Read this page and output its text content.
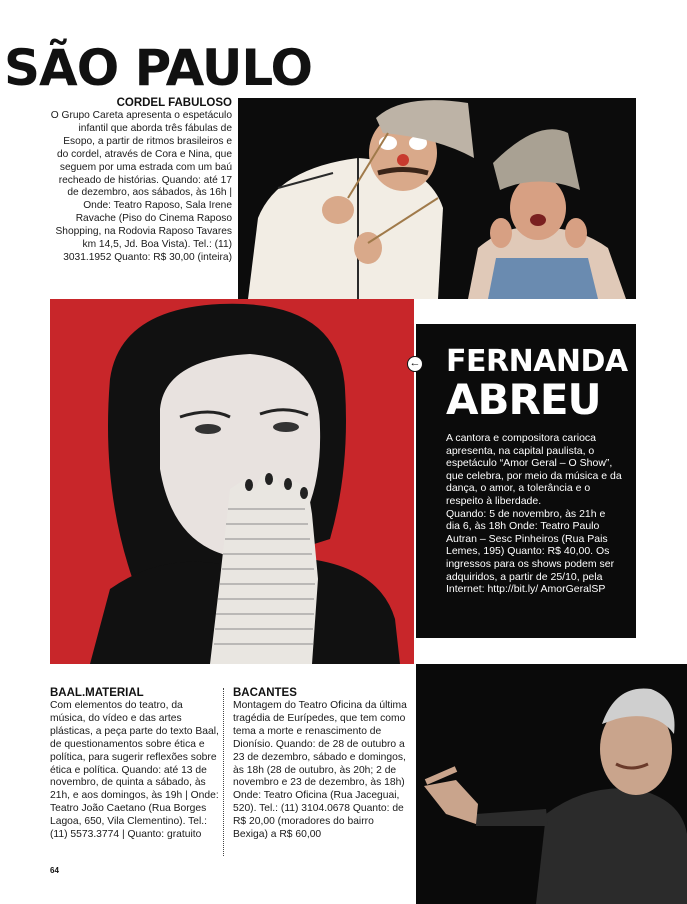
SÃO PAULO
CORDEL FABULOSO
O Grupo Careta apresenta o espetáculo infantil que aborda três fábulas de Esopo, a partir de ritmos brasileiros e do cordel, através de Cora e Nina, que seguem por uma estrada com um baú recheado de histórias. Quando: até 17 de dezembro, aos sábados, às 16h | Onde: Teatro Raposo, Sala Irene Ravache (Piso do Cinema Raposo Shopping, na Rodovia Raposo Tavares km 14,5, Jd. Boa Vista). Tel.: (11) 3031.1952 Quanto: R$ 30,00 (inteira)
FERNANDA
ABREU
A cantora e compositora carioca apresenta, na capital paulista, o espetáculo “Amor Geral – O Show”, que celebra, por meio da música e da dança, o amor, a tolerância e o respeito à liberdade.
Quando: 5 de novembro, às 21h e dia 6, às 18h Onde: Teatro Paulo Autran – Sesc Pinheiros (Rua Pais Lemes, 195) Quanto: R$ 40,00. Os ingressos para os shows podem ser adquiridos, a partir de 25/10, pela Internet: http://bit.ly/ AmorGeralSP
←
BAAL.MATERIAL
Com elementos do teatro, da música, do vídeo e das artes plásticas, a peça parte do texto Baal, de questionamentos sobre ética e política, para sugerir reflexões sobre ética e política. Quando: até 13 de novembro, de quinta a sábado, às 21h, e aos domingos, às 19h | Onde: Teatro João Caetano (Rua Borges Lagoa, 650, Vila Clementino). Tel.: (11) 5573.3774 | Quanto: gratuito
BACANTES
Montagem do Teatro Oficina da última tragédia de Eurípedes, que tem como tema a morte e renascimento de Dionísio. Quando: de 28 de outubro a 23 de dezembro, sábado e domingos, às 18h (28 de outubro, às 20h; 2 de novembro e 23 de dezembro, às 18h) Onde: Teatro Oficina (Rua Jaceguai, 520). Tel.: (11) 3104.0678 Quanto: de R$ 20,00 (moradores do bairro Bexiga) a R$ 60,00
64
